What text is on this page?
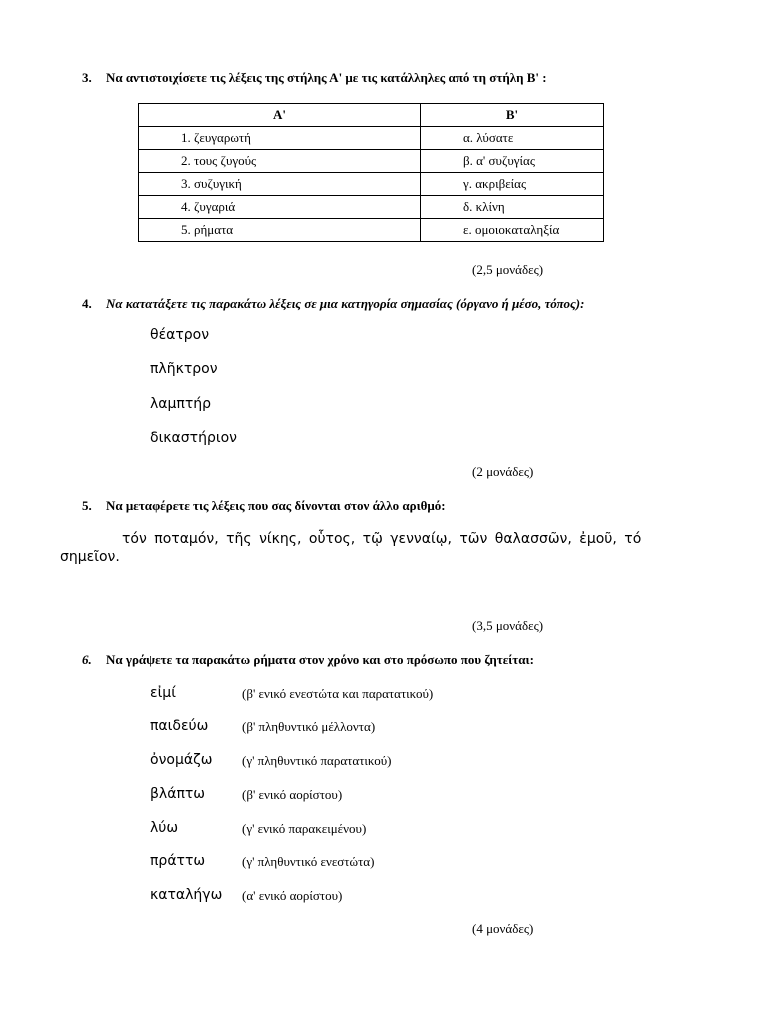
3. Να αντιστοιχίσετε τις λέξεις της στήλης Α' με τις κατάλληλες από τη στήλη Β' :
Α'	Β'
1. ζευγαρωτή	α. λύσατε
2. τους ζυγούς	β. α' συζυγίας
3. συζυγική	γ. ακριβείας
4. ζυγαριά	δ. κλίνη
5. ρήματα	ε. ομοιοκαταληξία
(2,5 μονάδες)
4. Να κατατάξετε τις παρακάτω λέξεις σε μια κατηγορία σημασίας (όργανο ή μέσο, τόπος):
θέατρον
πλῆκτρον
λαμπτήρ
δικαστήριον
(2 μονάδες)
5. Να μεταφέρετε τις λέξεις που σας δίνονται στον άλλο αριθμό:
τόν ποταμόν, τῆς νίκης, οὗτος, τῷ γενναίῳ, τῶν θαλασσῶν, ἐμοῦ, τό
σημεῖον.
(3,5 μονάδες)
6. Να γράψετε τα παρακάτω ρήματα στον χρόνο και στο πρόσωπο που ζητείται:
εἰμί	(β' ενικό ενεστώτα και παρατατικού)
παιδεύω	(β' πληθυντικό μέλλοντα)
ὀνομάζω (γ' πληθυντικό παρατατικού)
βλάπτω	(β' ενικό αορίστου)
λύω	(γ' ενικό παρακειμένου)
πράττω	(γ' πληθυντικό ενεστώτα)
καταλήγω (α' ενικό αορίστου)
(4 μονάδες)
